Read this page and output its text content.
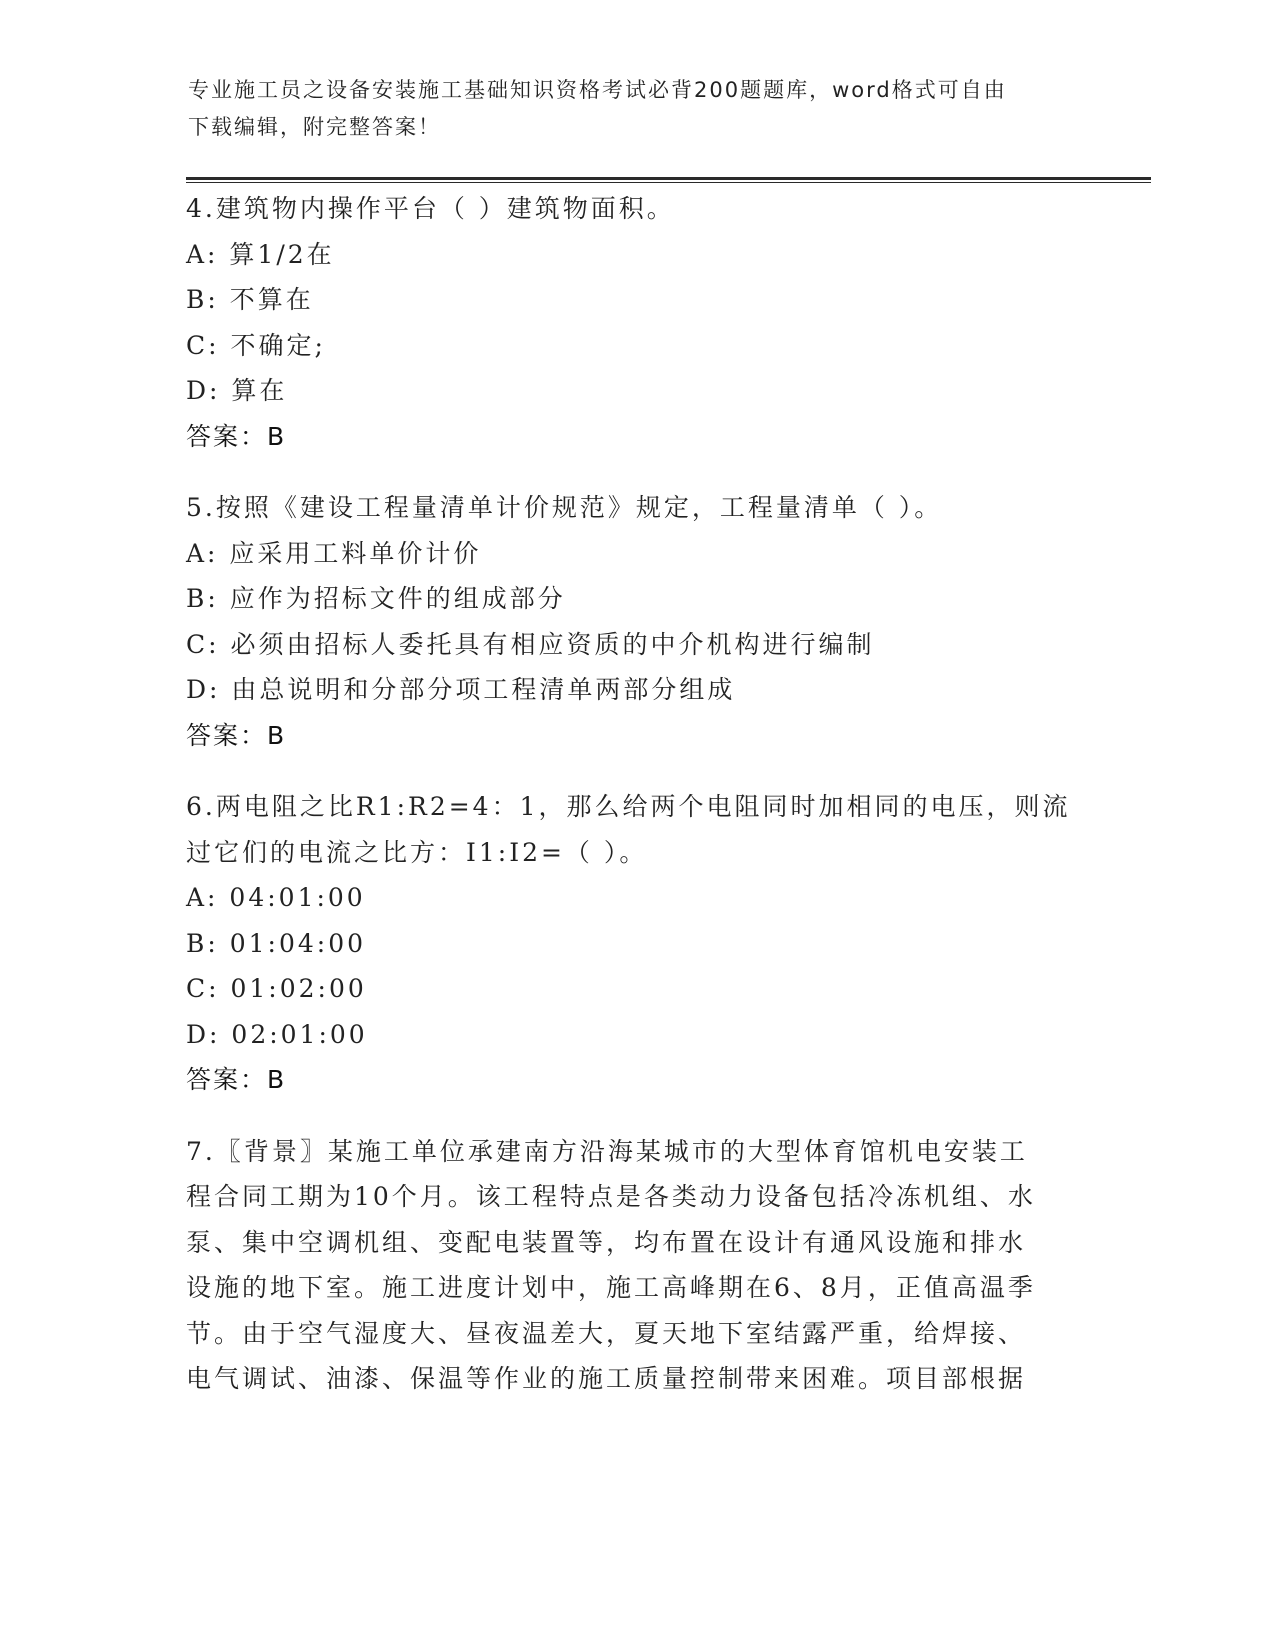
专业施工员之设备安装施工基础知识资格考试必背200题题库，word格式可自由
下载编辑，附完整答案！
4.建筑物内操作平台（ ）建筑物面积。
A: 算1/2在
B: 不算在
C: 不确定;
D: 算在
答案：B
5.按照《建设工程量清单计价规范》规定，工程量清单（ ）。
A: 应采用工料单价计价
B: 应作为招标文件的组成部分
C: 必须由招标人委托具有相应资质的中介机构进行编制
D: 由总说明和分部分项工程清单两部分组成
答案：B
6.两电阻之比R1:R2=4：1，那么给两个电阻同时加相同的电压，则流
过它们的电流之比方：I1:I2=（ ）。
A: 04:01:00
B: 01:04:00
C: 01:02:00
D: 02:01:00
答案：B
7.〖背景〗某施工单位承建南方沿海某城市的大型体育馆机电安装工
程合同工期为10个月。该工程特点是各类动力设备包括冷冻机组、水
泵、集中空调机组、变配电装置等，均布置在设计有通风设施和排水
设施的地下室。施工进度计划中，施工高峰期在6、8月，正值高温季
节。由于空气湿度大、昼夜温差大，夏天地下室结露严重，给焊接、
电气调试、油漆、保温等作业的施工质量控制带来困难。项目部根据
